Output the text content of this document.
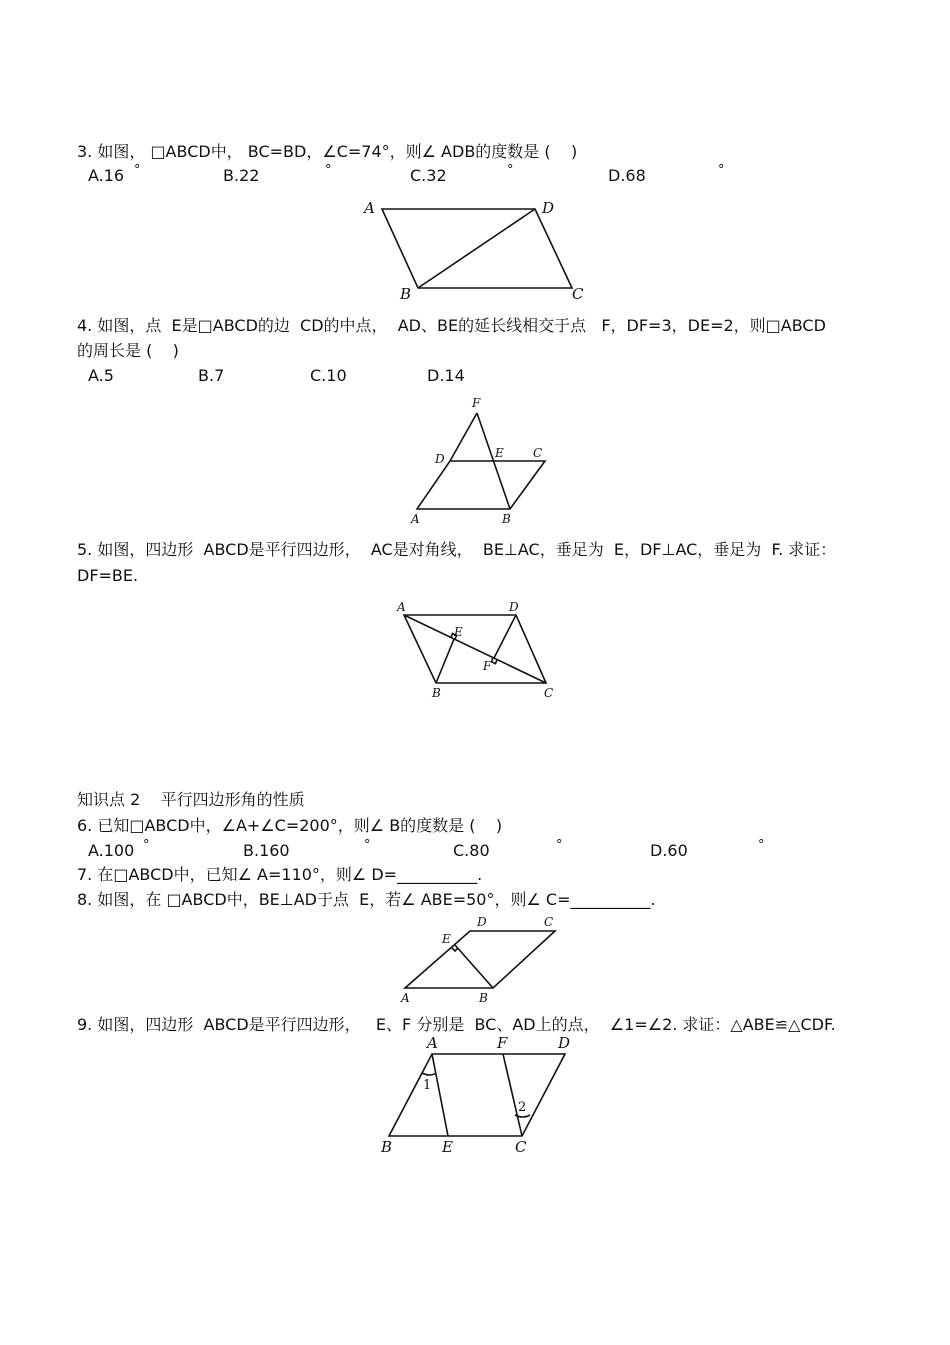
3. 如图， □ABCD中， BC=BD，∠C=74°，则∠ ADB的度数是 (    )
A.16 °	B.22	°	C.32	°	D.68	°
A	D
B	C
4. 如图，点  E是□ABCD的边  CD的中点，  AD、BE的延长线相交于点   F，DF=3，DE=2，则□ABCD
的周长是 (    )
A.5	B.7	C.10	D.14
F
D	E C
A	B
5. 如图，四边形  ABCD是平行四边形，  AC是对角线，  BE⊥AC，垂足为  E，DF⊥AC，垂足为  F. 求证：
DF=BE.
A	D
E
F
B	C
知识点 2    平行四边形角的性质
6. 已知□ABCD中，∠A+∠C=200°，则∠ B的度数是 (    )
A.100 °	B.160	°	C.80	°	D.60	°
7. 在□ABCD中，已知∠ A=110°，则∠ D=__________.
8. 如图，在 □ABCD中，BE⊥AD于点  E，若∠ ABE=50°，则∠ C=__________.
D	C
E
A	B
9. 如图，四边形  ABCD是平行四边形，   E、F 分别是  BC、AD上的点，  ∠1=∠2. 求证：△ABE≌△CDF.
A	F	D
1
2
B	E	C
